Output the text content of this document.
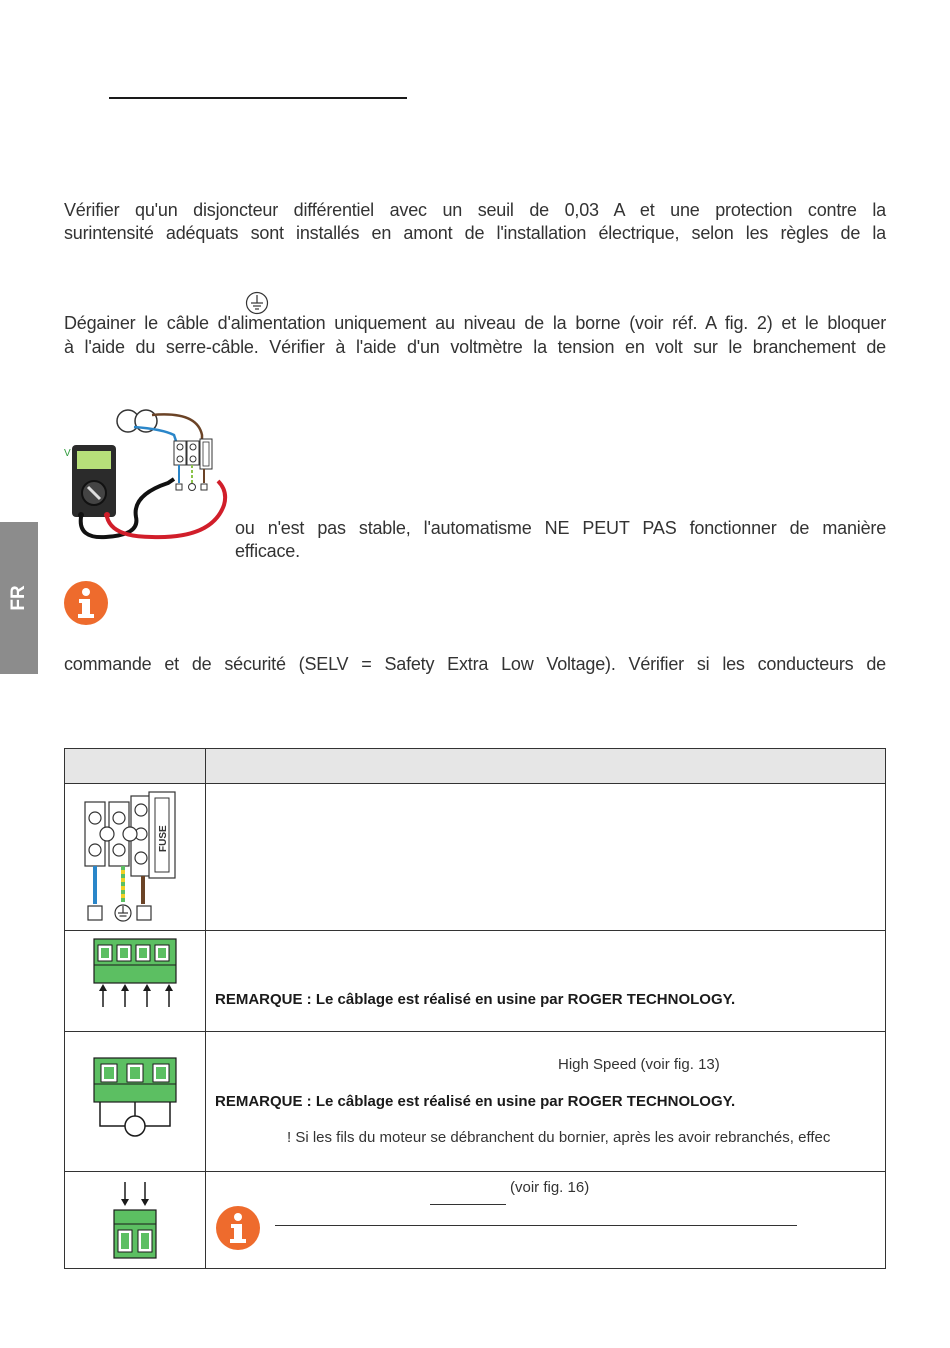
Vérifier qu'un disjoncteur différentiel avec un seuil de 0,03 A et une protection contre la
surintensité adéquats sont installés en amont de l'installation électrique, selon les règles de la
Dégainer le câble d'alimentation uniquement au niveau de la borne (voir réf. A fig. 2) et le bloquer
à l'aide du serre-câble. Vérifier à l'aide d'un voltmètre la tension en volt sur le branchement de
V
ou n'est pas stable, l'automatisme NE PEUT PAS fonctionner de manière
efficace.
FR
commande et de sécurité (SELV = Safety Extra Low Voltage). Vérifier si les conducteurs de

FUSE	

REMARQUE : Le câblage est réalisé en usine par ROGER TECHNOLOGY.

High Speed (voir fig. 13)
REMARQUE : Le câblage est réalisé en usine par ROGER TECHNOLOGY.
! Si les fils du moteur se débranchent du bornier, après les avoir rebranchés, effec

(voir fig. 16)
